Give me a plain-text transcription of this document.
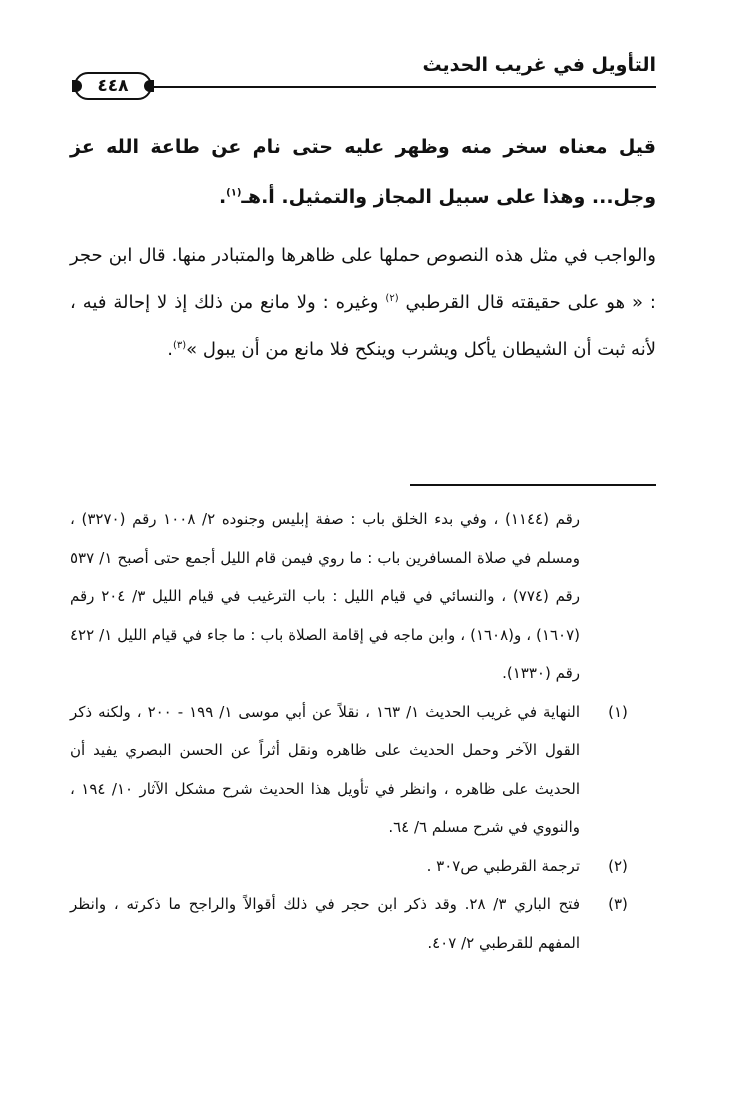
التأويل في غريب الحديث
٤٤٨

قيل معناه سخر منه وظهر عليه حتى نام عن طاعة الله عز وجل... وهذا على سبيل المجاز والتمثيل. أ.هـ$^{(١)}$.

والواجب في مثل هذه النصوص حملها على ظاهرها والمتبادر منها. قال ابن حجر : « هو على حقيقته قال القرطبي $^{(٢)}$ وغيره : ولا مانع من ذلك إذ لا إحالة فيه ، لأنه ثبت أن الشيطان يأكل ويشرب وينكح فلا مانع من أن يبول »$^{(٣)}$.

رقم (١١٤٤) ، وفي بدء الخلق باب : صفة إبليس وجنوده ٢/ ١٠٠٨ رقم (٣٢٧٠) ، ومسلم في صلاة المسافرين باب : ما روي فيمن قام الليل أجمع حتى أصبح ١/ ٥٣٧ رقم (٧٧٤) ، والنسائي في قيام الليل : باب الترغيب في قيام الليل ٣/ ٢٠٤ رقم (١٦٠٧) ، و(١٦٠٨) ، وابن ماجه في إقامة الصلاة باب : ما جاء في قيام الليل ١/ ٤٢٢ رقم (١٣٣٠).

(١)

النهاية في غريب الحديث ١/ ١٦٣ ، نقلاً عن أبي موسى ١/ ١٩٩ - ٢٠٠ ، ولكنه ذكر القول الآخر وحمل الحديث على ظاهره ونقل أثراً عن الحسن البصري يفيد أن الحديث على ظاهره ، وانظر في تأويل هذا الحديث شرح مشكل الآثار ١٠/ ١٩٤ ، والنووي في شرح مسلم ٦/ ٦٤.

(٢)

ترجمة القرطبي ص٣٠٧ .

(٣)

فتح الباري ٣/ ٢٨. وقد ذكر ابن حجر في ذلك أقوالاً والراجح ما ذكرته ، وانظر المفهم للقرطبي ٢/ ٤٠٧.
